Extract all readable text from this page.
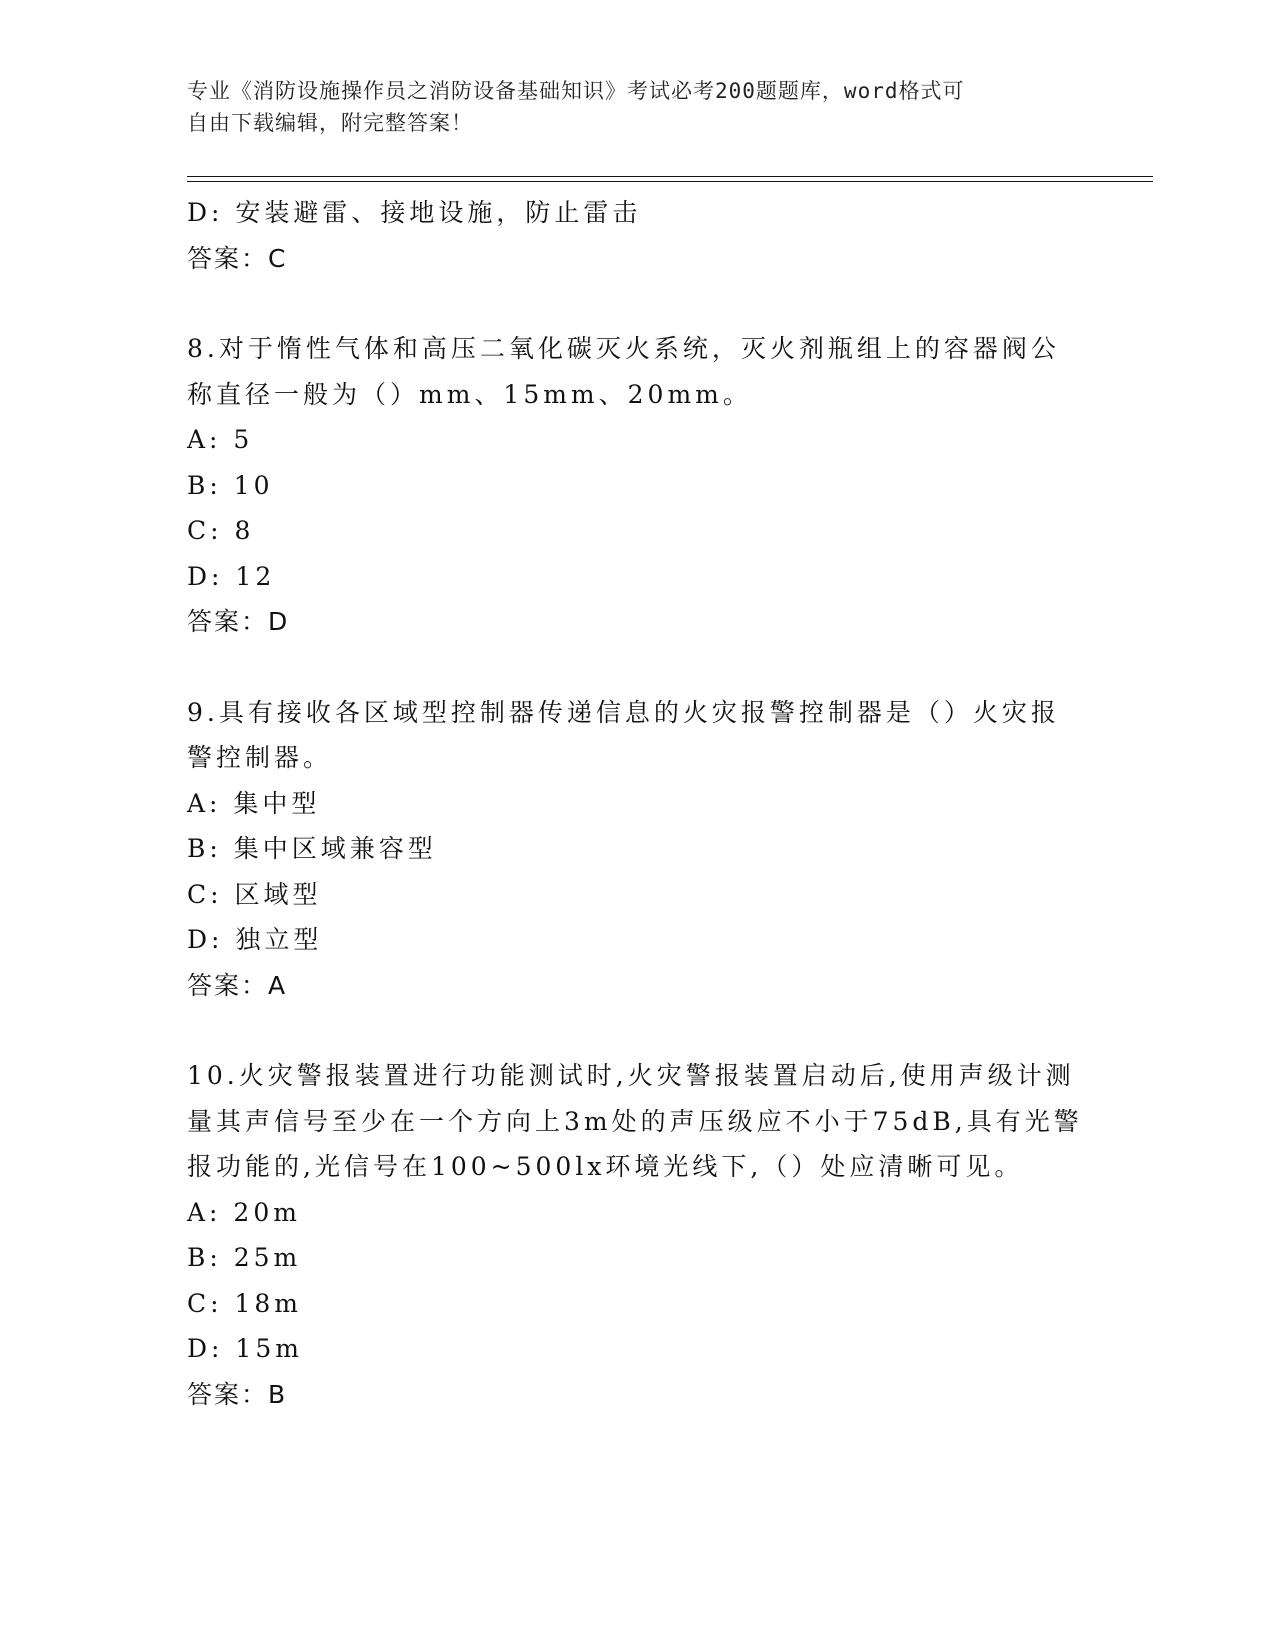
专业《消防设施操作员之消防设备基础知识》考试必考200题题库，word格式可
自由下载编辑，附完整答案！
D: 安装避雷、接地设施，防止雷击
答案：C
8.对于惰性气体和高压二氧化碳灭火系统，灭火剂瓶组上的容器阀公
称直径一般为（）mm、15mm、20mm。
A: 5
B: 10
C: 8
D: 12
答案：D
9.具有接收各区域型控制器传递信息的火灾报警控制器是（）火灾报
警控制器。
A: 集中型
B: 集中区域兼容型
C: 区域型
D: 独立型
答案：A
10.火灾警报装置进行功能测试时,火灾警报装置启动后,使用声级计测
量其声信号至少在一个方向上3m处的声压级应不小于75dB,具有光警
报功能的,光信号在100~500lx环境光线下,（）处应清晰可见。
A: 20m
B: 25m
C: 18m
D: 15m
答案：B
